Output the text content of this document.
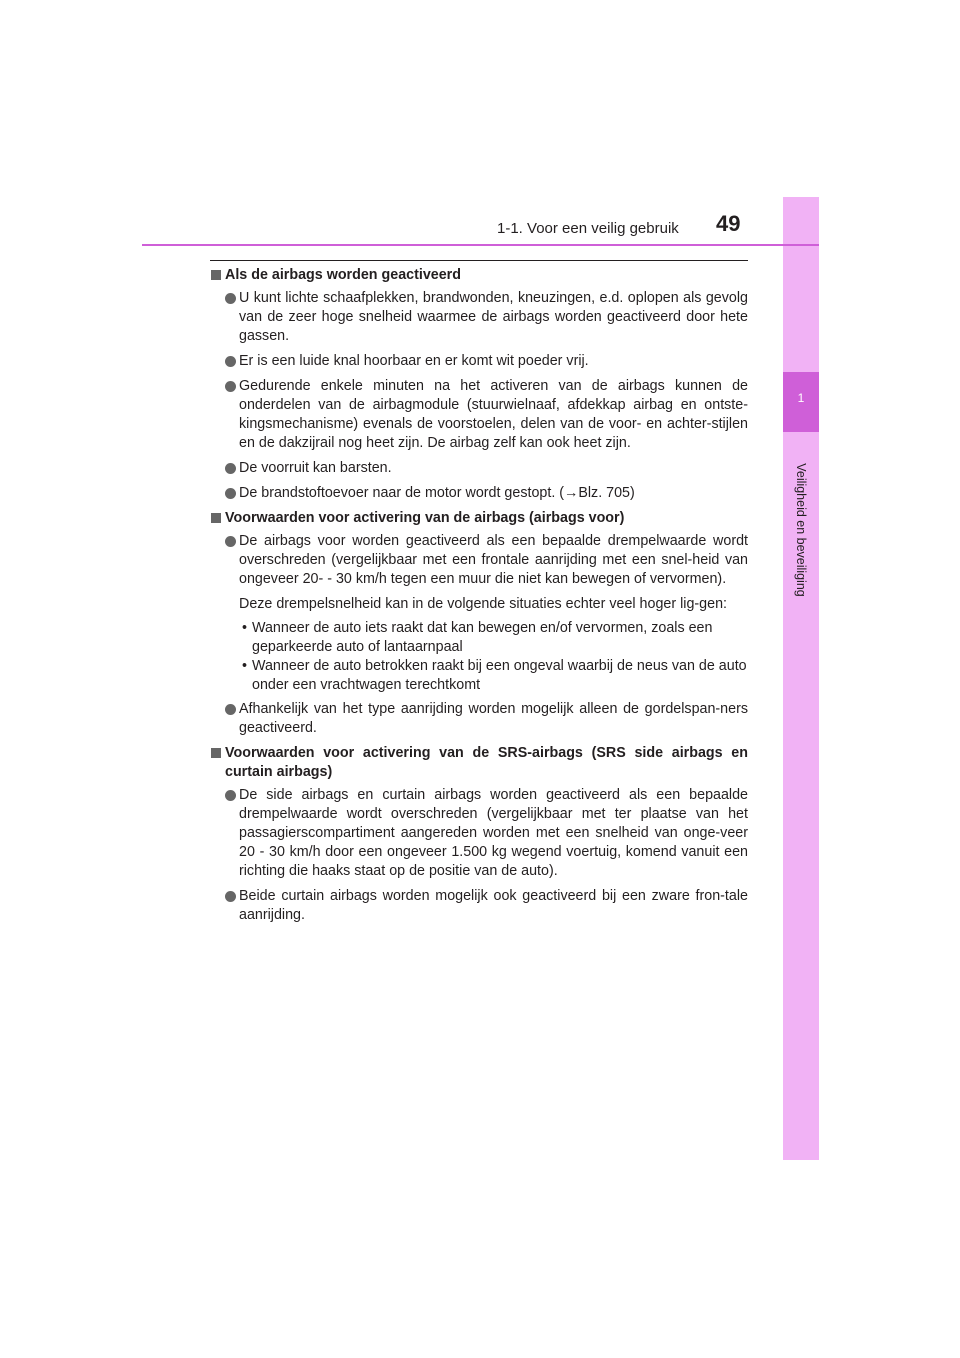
1
Veiligheid en beveiliging
1-1. Voor een veilig gebruik 49
Als de airbags worden geactiveerd
U kunt lichte schaafplekken, brandwonden, kneuzingen, e.d. oplopen als gevolg van de zeer hoge snelheid waarmee de airbags worden geactiveerd door hete gassen.
Er is een luide knal hoorbaar en er komt wit poeder vrij.
Gedurende enkele minuten na het activeren van de airbags kunnen de onderdelen van de airbagmodule (stuurwielnaaf, afdekkap airbag en ontste-kingsmechanisme) evenals de voorstoelen, delen van de voor- en achter-stijlen en de dakzijrail nog heet zijn. De airbag zelf kan ook heet zijn.
De voorruit kan barsten.
De brandstoftoevoer naar de motor wordt gestopt. (→Blz. 705)
Voorwaarden voor activering van de airbags (airbags voor)
De airbags voor worden geactiveerd als een bepaalde drempelwaarde wordt overschreden (vergelijkbaar met een frontale aanrijding met een snel-heid van ongeveer 20- - 30 km/h tegen een muur die niet kan bewegen of vervormen).
Deze drempelsnelheid kan in de volgende situaties echter veel hoger lig-gen:
• Wanneer de auto iets raakt dat kan bewegen en/of vervormen, zoals een geparkeerde auto of lantaarnpaal
• Wanneer de auto betrokken raakt bij een ongeval waarbij de neus van de auto onder een vrachtwagen terechtkomt
Afhankelijk van het type aanrijding worden mogelijk alleen de gordelspan-ners geactiveerd.
Voorwaarden voor activering van de SRS-airbags (SRS side airbags en curtain airbags)
De side airbags en curtain airbags worden geactiveerd als een bepaalde drempelwaarde wordt overschreden (vergelijkbaar met ter plaatse van het passagierscompartiment aangereden worden met een snelheid van onge-veer 20 - 30 km/h door een ongeveer 1.500 kg wegend voertuig, komend vanuit een richting die haaks staat op de positie van de auto).
Beide curtain airbags worden mogelijk ook geactiveerd bij een zware fron-tale aanrijding.
